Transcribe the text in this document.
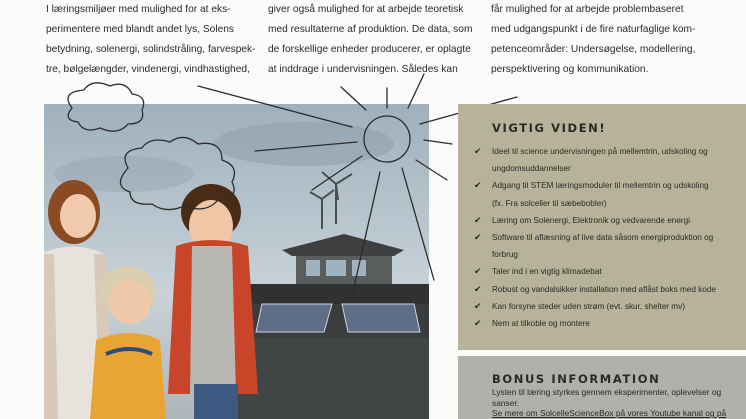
I læringsmiljøer med mulighed for at eks-
perimentere med blandt andet lys, Solens
betydning, solenergi, solindstråling, farvespek-
tre, bølgelængder, vindenergi, vindhastighed,
giver også mulighed for at arbejde teoretisk
med resultaterne af produktion. De data, som
de forskellige enheder producerer, er oplagte
at inddrage i undervisningen. Således kan
får mulighed for at arbejde problembaseret
med udgangspunkt i de fire naturfaglige kom-
petenceområder: Undersøgelse, modellering,
perspektivering og kommunikation.
VIGTIG VIDEN!
✔ Ideel til science undervisningen på mellemtrin, udskoling og
ungdomsuddannelser
✔ Adgang til STEM læringsmoduler til mellemtrin og udskoling
(fx. Fra solceller til sæbebobler)
✔ Læring om Solenergi, Elektronik og vedvarende energi
✔ Software til aflæsning af live data såsom energiproduktion og
forbrug
✔ Taler ind i en vigtig klimadebat
✔ Robust og vandalsikker installation med aflåst boks med kode
✔ Kan forsyne steder uden strøm (evt. skur, shelter mv)
✔ Nem at tilkoble og montere
BONUS INFORMATION
Lysten til læring styrkes gennem eksperimenter, oplevelser og
sanser.
Se mere om SolcelleScienceBox på vores Youtube kanal og på
